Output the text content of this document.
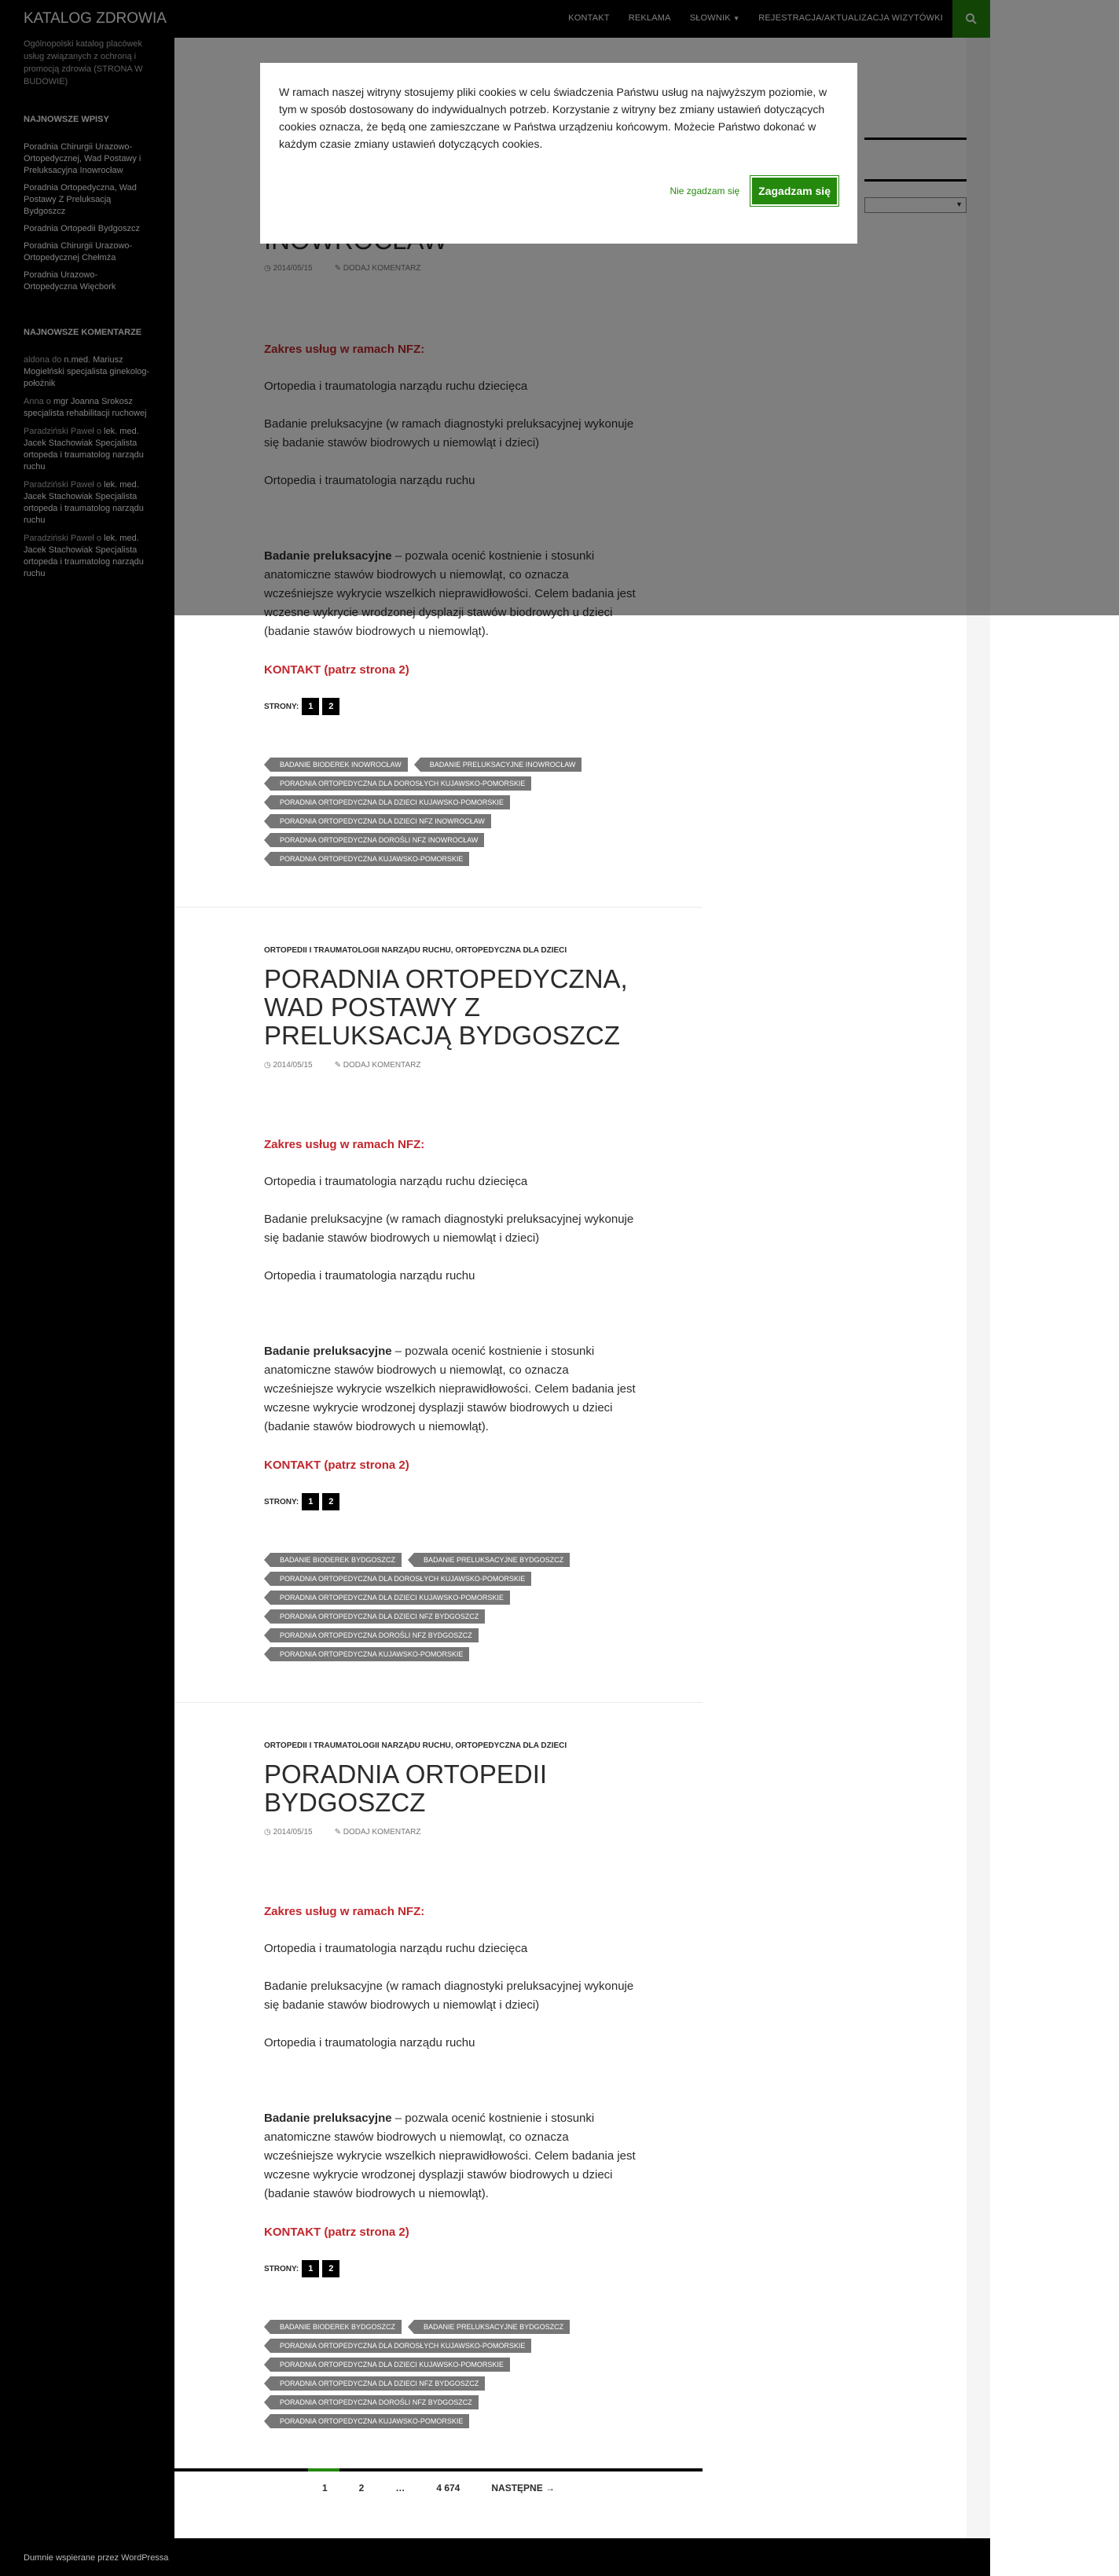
(badanie stawów biodrowych u niemowląt).
KONTAKT (patrz strona 2)
STRONY:	1	2
BADANIE BIODEREK INOWROCŁAW	BADANIE PRELUKSACYJNE INOWROCŁAW
PORADNIA ORTOPEDYCZNA DLA DOROSŁYCH KUJAWSKO-POMORSKIE
PORADNIA ORTOPEDYCZNA DLA DZIECI KUJAWSKO-POMORSKIE
PORADNIA ORTOPEDYCZNA DLA DZIECI NFZ INOWROCŁAW
PORADNIA ORTOPEDYCZNA DOROŚLI NFZ INOWROCŁAW
PORADNIA ORTOPEDYCZNA KUJAWSKO-POMORSKIE
ORTOPEDII I TRAUMATOLOGII NARZĄDU RUCHU, ORTOPEDYCZNA DLA DZIECI
PORADNIA ORTOPEDYCZNA, WAD POSTAWY Z PRELUKSACJĄ BYDGOSZCZ
◷ 2014/05/15	✎ DODAJ KOMENTARZ
Zakres usług w ramach NFZ:
Ortopedia i traumatologia narządu ruchu dziecięca
Badanie preluksacyjne (w ramach diagnostyki preluksacyjnej wykonuje się badanie stawów biodrowych u niemowląt i dzieci)
Ortopedia i traumatologia narządu ruchu
Badanie preluksacyjne – pozwala ocenić kostnienie i stosunki anatomiczne stawów biodrowych u niemowląt, co oznacza wcześniejsze wykrycie wszelkich nieprawidłowości. Celem badania jest wczesne wykrycie wrodzonej dysplazji stawów biodrowych u dzieci (badanie stawów biodrowych u niemowląt).
KONTAKT (patrz strona 2)
STRONY:	1	2
BADANIE BIODEREK BYDGOSZCZ	BADANIE PRELUKSACYJNE BYDGOSZCZ
PORADNIA ORTOPEDYCZNA DLA DOROSŁYCH KUJAWSKO-POMORSKIE
PORADNIA ORTOPEDYCZNA DLA DZIECI KUJAWSKO-POMORSKIE
PORADNIA ORTOPEDYCZNA DLA DZIECI NFZ BYDGOSZCZ
PORADNIA ORTOPEDYCZNA DOROŚLI NFZ BYDGOSZCZ
PORADNIA ORTOPEDYCZNA KUJAWSKO-POMORSKIE
ORTOPEDII I TRAUMATOLOGII NARZĄDU RUCHU, ORTOPEDYCZNA DLA DZIECI
PORADNIA ORTOPEDII BYDGOSZCZ
◷ 2014/05/15	✎ DODAJ KOMENTARZ
Zakres usług w ramach NFZ:
Ortopedia i traumatologia narządu ruchu dziecięca
Badanie preluksacyjne (w ramach diagnostyki preluksacyjnej wykonuje się badanie stawów biodrowych u niemowląt i dzieci)
Ortopedia i traumatologia narządu ruchu
Badanie preluksacyjne – pozwala ocenić kostnienie i stosunki anatomiczne stawów biodrowych u niemowląt, co oznacza wcześniejsze wykrycie wszelkich nieprawidłowości. Celem badania jest wczesne wykrycie wrodzonej dysplazji stawów biodrowych u dzieci (badanie stawów biodrowych u niemowląt).
KONTAKT (patrz strona 2)
STRONY:	1	2
BADANIE BIODEREK BYDGOSZCZ	BADANIE PRELUKSACYJNE BYDGOSZCZ
PORADNIA ORTOPEDYCZNA DLA DOROSŁYCH KUJAWSKO-POMORSKIE
PORADNIA ORTOPEDYCZNA DLA DZIECI KUJAWSKO-POMORSKIE
PORADNIA ORTOPEDYCZNA DLA DZIECI NFZ BYDGOSZCZ
PORADNIA ORTOPEDYCZNA DOROŚLI NFZ BYDGOSZCZ
PORADNIA ORTOPEDYCZNA KUJAWSKO-POMORSKIE
1	2	…	4 674	NASTĘPNE →
Dumnie wspierane przez WordPressa
W ramach naszej witryny stosujemy pliki cookies w celu świadczenia Państwu usług na najwyższym poziomie, w tym w sposób dostosowany do indywidualnych potrzeb. Korzystanie z witryny bez zmiany ustawień dotyczących cookies oznacza, że będą one zamieszczane w Państwa urządzeniu końcowym. Możecie Państwo dokonać w każdym czasie zmiany ustawień dotyczących cookies.
Nie zgadzam się	Zagadzam się
